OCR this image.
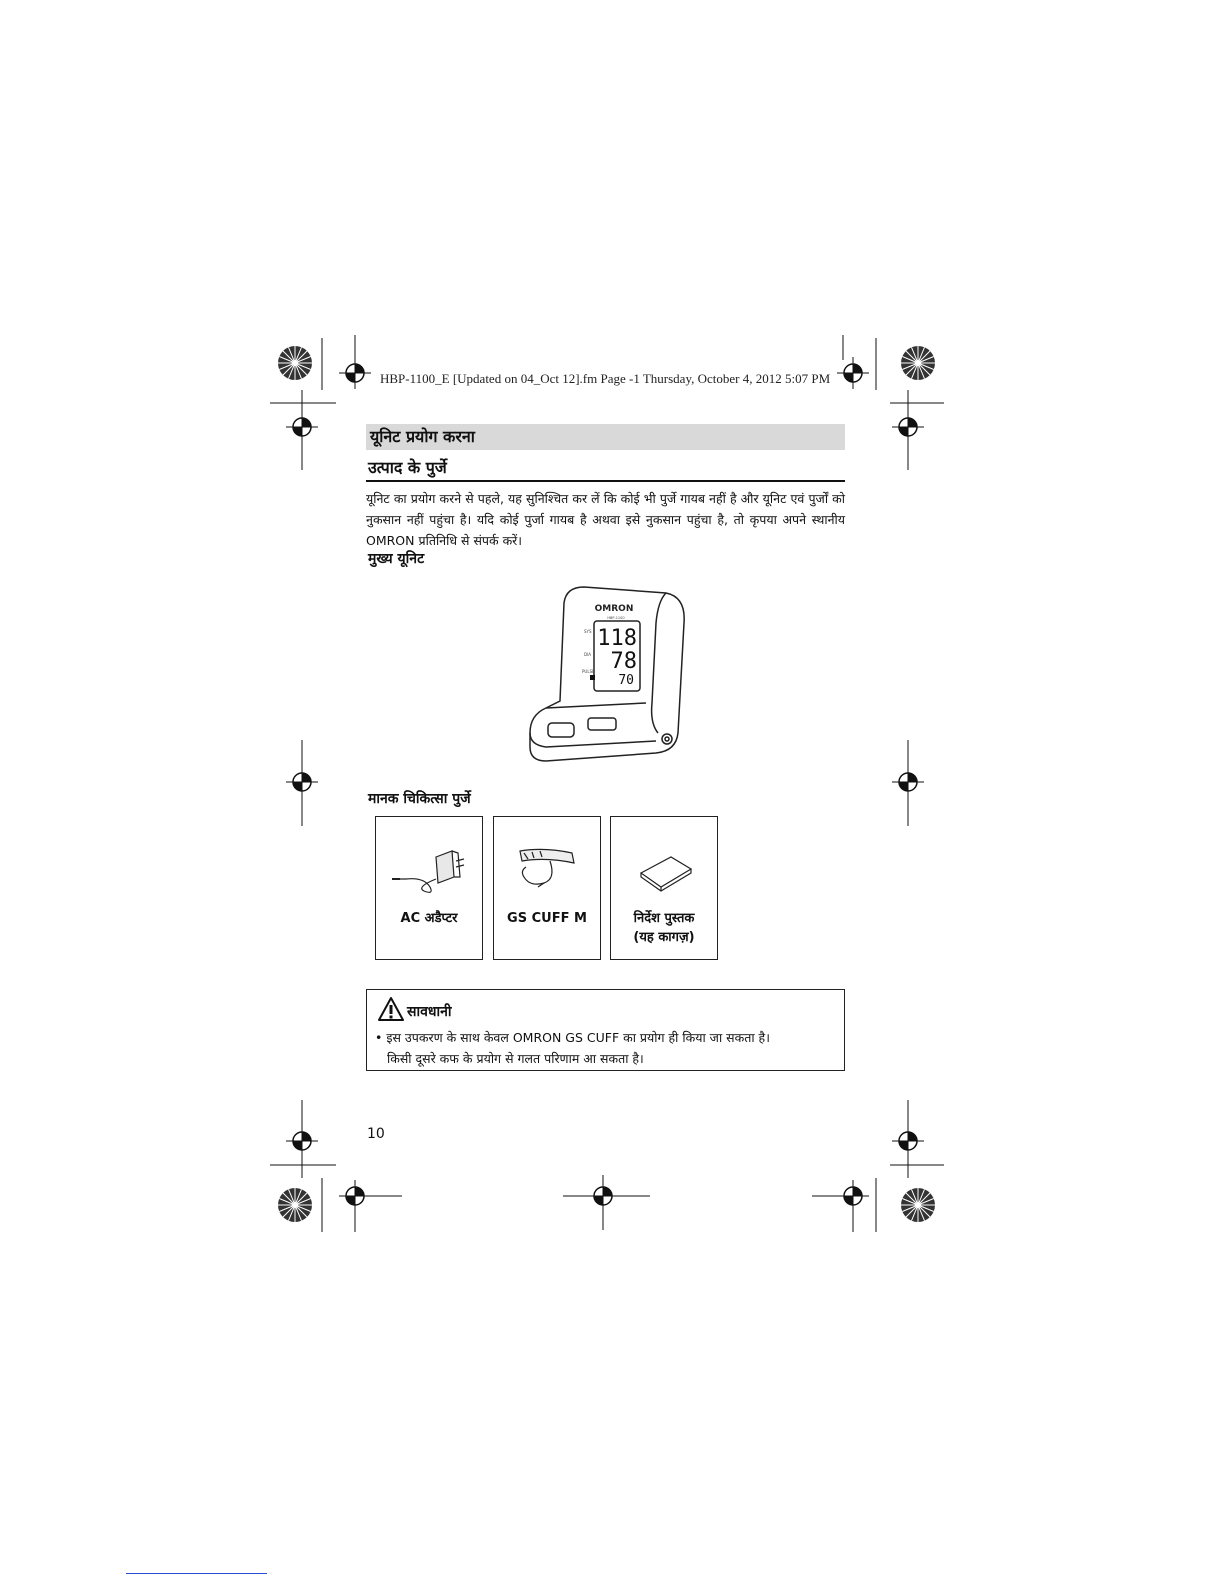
HBP-1100_E [Updated on 04_Oct 12].fm Page -1 Thursday, October 4, 2012 5:07 PM
यूनिट प्रयोग करना
उत्पाद के पुर्जे
यूनिट का प्रयोग करने से पहले, यह सुनिश्चित कर लें कि कोई भी पुर्जे गायब नहीं है और यूनिट एवं पुर्जों को नुकसान नहीं पहुंचा है। यदि कोई पुर्जा गायब है अथवा इसे नुकसान पहुंचा है, तो कृपया अपने स्थानीय OMRON प्रतिनिधि से संपर्क करें।
मुख्य यूनिट
OMRON
HBP-1100
SYS
DIA
PULSE
118
78
70
मानक चिकित्सा पुर्जे
AC अडैप्टर	GS CUFF M	निर्देश पुस्तक
(यह कागज़)
सावधानी
• इस उपकरण के साथ केवल OMRON GS CUFF का प्रयोग ही किया जा सकता है।
किसी दूसरे कफ के प्रयोग से गलत परिणाम आ सकता है।
10
